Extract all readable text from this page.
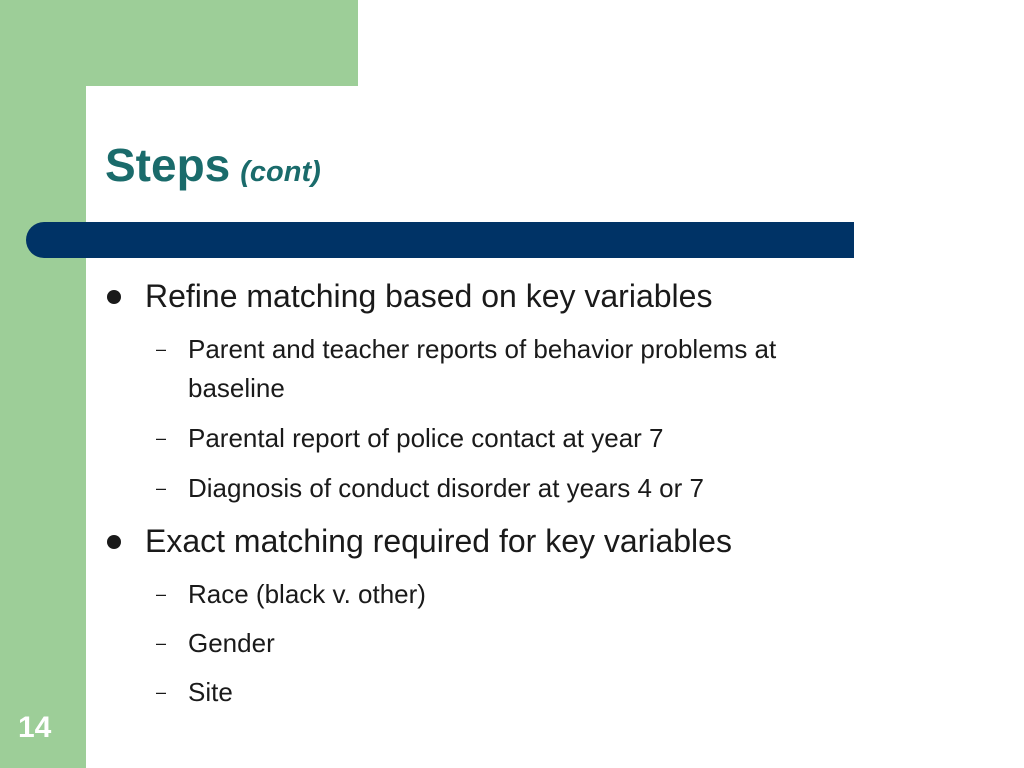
Steps (cont)
Refine matching based on key variables
– Parent and teacher reports of behavior problems at
baseline
– Parental report of police contact at year 7
– Diagnosis of conduct disorder at years 4 or 7
Exact matching required for key variables
– Race (black v. other)
– Gender
– Site
14
